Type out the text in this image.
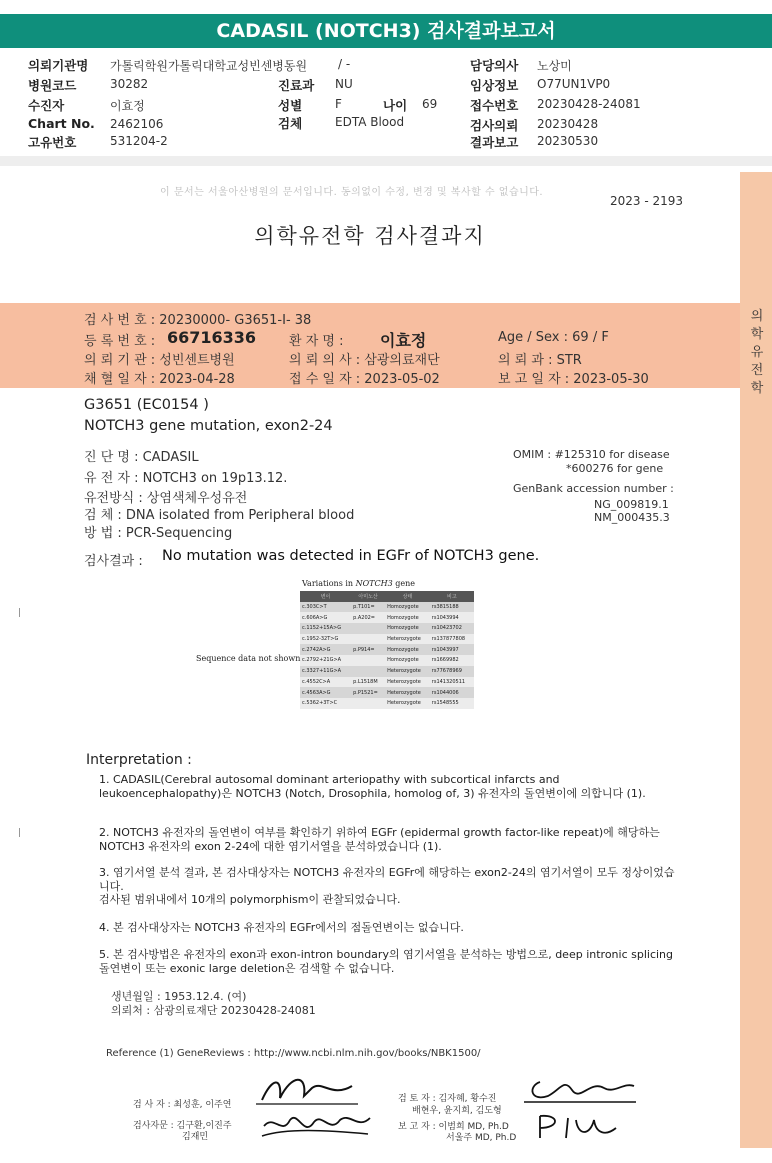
CADASIL (NOTCH3) 검사결과보고서
의뢰기관명 가톨릭학원가톨릭대학교성빈센병동원	/ -
병원코드	30282
수진자	이효정
Chart No. 2462106
고유번호	531204-2
진료과 NU
성별	F	나이 69
검체	EDTA Blood
담당의사 노상미
임상정보 O77UN1VP0
접수번호 20230428-24081
검사의뢰 20230428
결과보고 20230530
의
학
유
전
학
이 문서는 서울아산병원의 문서입니다. 동의없이 수정, 변경 및 복사할 수 없습니다.
2023 - 2193
의학유전학 검사결과지
검 사 번 호 : 20230000- G3651-I- 38
등 록 번 호 : 66716336	환 자 명 : 이효정	Age / Sex : 69 / F
의 뢰 기 관 : 성빈센트병원	의 뢰 의 사 : 삼광의료재단	의 뢰 과 : STR
채 혈 일 자 : 2023-04-28	접 수 일 자 : 2023-05-02	보 고 일 자 : 2023-05-30
G3651 (EC0154 )
NOTCH3 gene mutation, exon2-24
진 단 명 : CADASIL
유 전 자 : NOTCH3 on 19p13.12.
유전방식 : 상염색체우성유전
검 체 : DNA isolated from Peripheral blood
방 법 : PCR-Sequencing
OMIM : #125310 for disease
*600276 for gene
GenBank accession number :
NG_009819.1
NM_000435.3
검사결과 : No mutation was detected in EGFr of NOTCH3 gene.
Variations in NOTCH3 gene
변이	아미노산	상태	비고
c.303C>T	p.T101=	Homozygote	rs3815188
c.606A>G	p.A202=	Homozygote	rs1043994
c.1152+15A>G		Homozygote	rs10423702
c.1952-32T>G		Heterozygote	rs137877808
c.2742A>G	p.P914=	Homozygote	rs1043997
c.2792+21G>A		Homozygote	rs1669982
c.3327+11G>A		Heterozygote	rs77678969
c.4552C>A	p.L1518M	Heterozygote	rs141320511
c.4563A>G	p.P1521=	Heterozygote	rs1044006
c.5362+3T>C		Heterozygote	rs1548555
Sequence data not shown
Interpretation :
1. CADASIL(Cerebral autosomal dominant arteriopathy with subcortical infarcts and leukoencephalopathy)은 NOTCH3 (Notch, Drosophila, homolog of, 3) 유전자의 돌연변이에 의합니다 (1).
2. NOTCH3 유전자의 돌연변이 여부를 확인하기 위하여 EGFr (epidermal growth factor-like repeat)에 해당하는 NOTCH3 유전자의 exon 2-24에 대한 염기서열을 분석하였습니다 (1).
3. 염기서열 분석 결과, 본 검사대상자는 NOTCH3 유전자의 EGFr에 해당하는 exon2-24의 염기서열이 모두 정상이었습니다.
검사된 범위내에서 10개의 polymorphism이 관찰되었습니다.
4. 본 검사대상자는 NOTCH3 유전자의 EGFr에서의 점돌연변이는 없습니다.
5. 본 검사방법은 유전자의 exon과 exon-intron boundary의 염기서열을 분석하는 방법으로, deep intronic splicing 돌연변이 또는 exonic large deletion은 검색할 수 없습니다.
생년월일 : 1953.12.4. (여)
의뢰처 : 삼광의료재단 20230428-24081
Reference (1) GeneReviews : http://www.ncbi.nlm.nih.gov/books/NBK1500/
검 사 자 : 최성훈, 이주연
검사자문 : 김구환,이진주
김재민
검 토 자 : 김자혜, 황수진
배현우, 윤지희, 김도형
보 고 자 : 이범희 MD, Ph.D
서울주 MD, Ph.D
|
|
